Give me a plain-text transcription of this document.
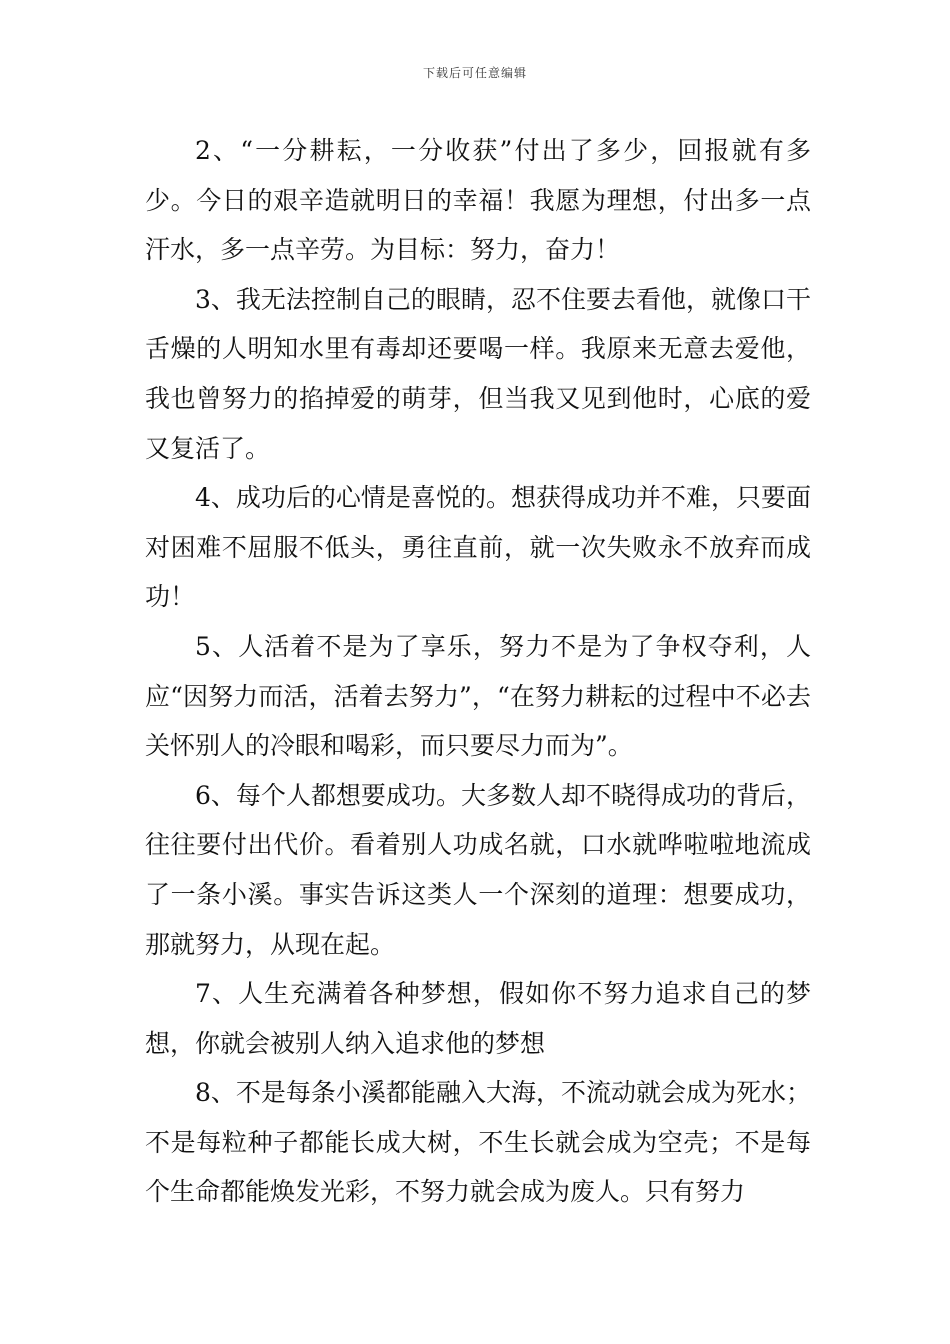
下载后可任意编辑

2、“一分耕耘，一分收获”付出了多少，回报就有多少。今日的艰辛造就明日的幸福！我愿为理想，付出多一点汗水，多一点辛劳。为目标：努力，奋力！

3、我无法控制自己的眼睛，忍不住要去看他，就像口干舌燥的人明知水里有毒却还要喝一样。我原来无意去爱他，我也曾努力的掐掉爱的萌芽，但当我又见到他时，心底的爱又复活了。

4、成功后的心情是喜悦的。想获得成功并不难，只要面对困难不屈服不低头，勇往直前，就一次失败永不放弃而成功！

5、人活着不是为了享乐，努力不是为了争权夺利，人应“因努力而活，活着去努力”，“在努力耕耘的过程中不必去关怀别人的冷眼和喝彩，而只要尽力而为”。

6、每个人都想要成功。大多数人却不晓得成功的背后，往往要付出代价。看着别人功成名就，口水就哗啦啦地流成了一条小溪。事实告诉这类人一个深刻的道理：想要成功，那就努力，从现在起。

7、人生充满着各种梦想，假如你不努力追求自己的梦想，你就会被别人纳入追求他的梦想

8、不是每条小溪都能融入大海，不流动就会成为死水；不是每粒种子都能长成大树，不生长就会成为空壳；不是每个生命都能焕发光彩，不努力就会成为废人。只有努力
